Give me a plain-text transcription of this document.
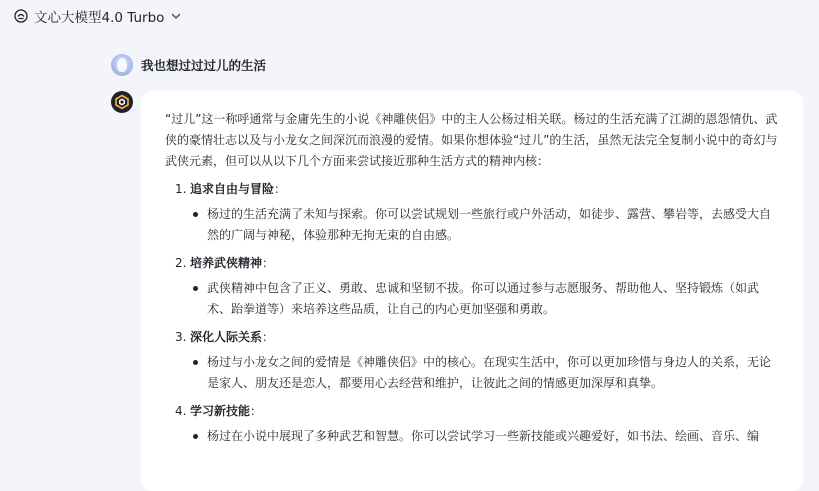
文心大模型4.0 Turbo
我也想过过过儿的生活

“过儿”这一称呼通常与金庸先生的小说《神雕侠侣》中的主人公杨过相关联。杨过的生活充满了江湖的恩怨情仇、武侠的豪情壮志以及与小龙女之间深沉而浪漫的爱情。如果你想体验“过儿”的生活，虽然无法完全复制小说中的奇幻与武侠元素，但可以从以下几个方面来尝试接近那种生活方式的精神内核：

1. 追求自由与冒险 ：
杨过的生活充满了未知与探索。你可以尝试规划一些旅行或户外活动，如徒步、露营、攀岩等，去感受大自然的广阔与神秘，体验那种无拘无束的自由感。
2. 培养武侠精神 ：
武侠精神中包含了正义、勇敢、忠诚和坚韧不拔。你可以通过参与志愿服务、帮助他人、坚持锻炼（如武术、跆拳道等）来培养这些品质，让自己的内心更加坚强和勇敢。
3. 深化人际关系 ：
杨过与小龙女之间的爱情是《神雕侠侣》中的核心。在现实生活中，你可以更加珍惜与身边人的关系，无论是家人、朋友还是恋人，都要用心去经营和维护，让彼此之间的情感更加深厚和真挚。
4. 学习新技能 ：
杨过在小说中展现了多种武艺和智慧。你可以尝试学习一些新技能或兴趣爱好，如书法、绘画、音乐、编
